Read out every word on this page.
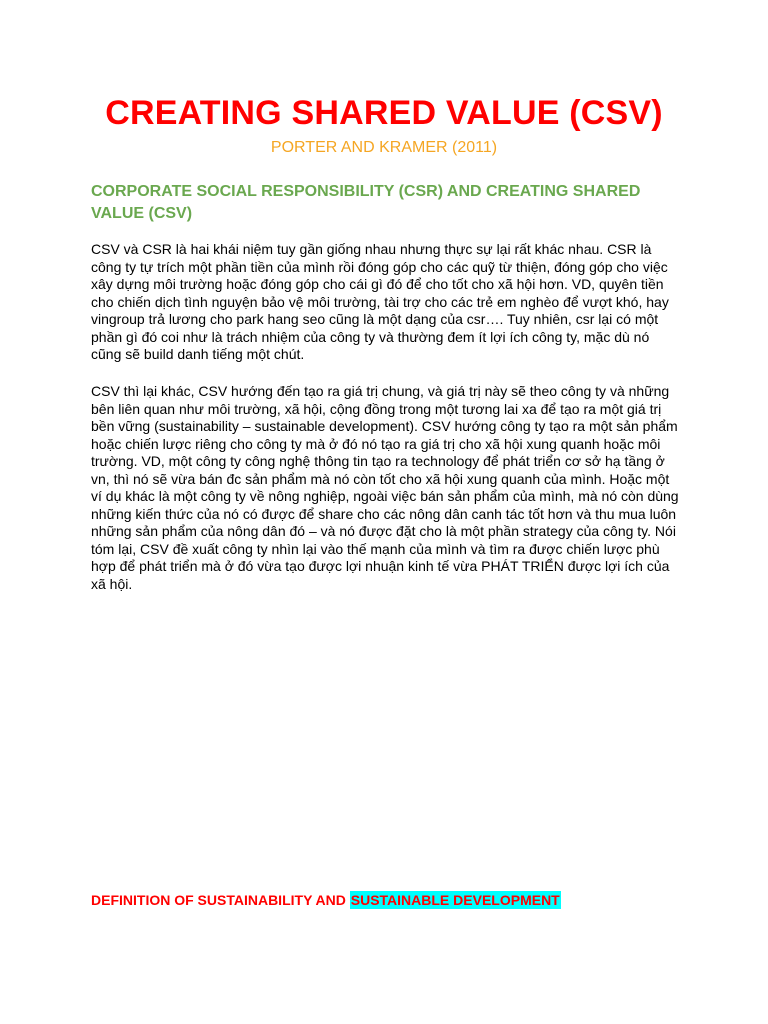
CREATING SHARED VALUE (CSV)

PORTER AND KRAMER (2011)

CORPORATE SOCIAL RESPONSIBILITY (CSR) AND CREATING SHARED VALUE (CSV)

CSV và CSR là hai khái niệm tuy gần giống nhau nhưng thực sự lại rất khác nhau. CSR là công ty tự trích một phần tiền của mình rồi đóng góp cho các quỹ từ thiện, đóng góp cho việc xây dựng môi trường hoặc đóng góp cho cái gì đó để cho tốt cho xã hội hơn. VD, quyên tiền cho chiến dịch tình nguyện bảo vệ môi trường, tài trợ cho các trẻ em nghèo để vượt khó, hay vingroup trả lương cho park hang seo cũng là một dạng của csr…. Tuy nhiên, csr lại có một phần gì đó coi như là trách nhiệm của công ty và thường đem ít lợi ích công ty, mặc dù nó cũng sẽ build danh tiếng một chút.

CSV thì lại khác, CSV hướng đến tạo ra giá trị chung, và giá trị này sẽ theo công ty và những bên liên quan như môi trường, xã hội, cộng đồng trong một tương lai xa để tạo ra một giá trị bền vững (sustainability – sustainable development). CSV hướng công ty tạo ra một sản phẩm hoặc chiến lược riêng cho công ty mà ở đó nó tạo ra giá trị cho xã hội xung quanh hoặc môi trường. VD, một công ty công nghệ thông tin tạo ra technology để phát triển cơ sở hạ tầng ở vn, thì nó sẽ vừa bán đc sản phẩm mà nó còn tốt cho xã hội xung quanh của mình. Hoặc một ví dụ khác là một công ty về nông nghiệp, ngoài việc bán sản phẩm của mình, mà nó còn dùng những kiến thức của nó có được để share cho các nông dân canh tác tốt hơn và thu mua luôn những sản phẩm của nông dân đó – và nó được đặt cho là một phần strategy của công ty. Nói tóm lại, CSV đề xuất công ty nhìn lại vào thế mạnh của mình và tìm ra được chiến lược phù hợp để phát triển mà ở đó vừa tạo được lợi nhuận kinh tế vừa PHÁT TRIỂN được lợi ích của xã hội.

DEFINITION OF SUSTAINABILITY AND SUSTAINABLE DEVELOPMENT
